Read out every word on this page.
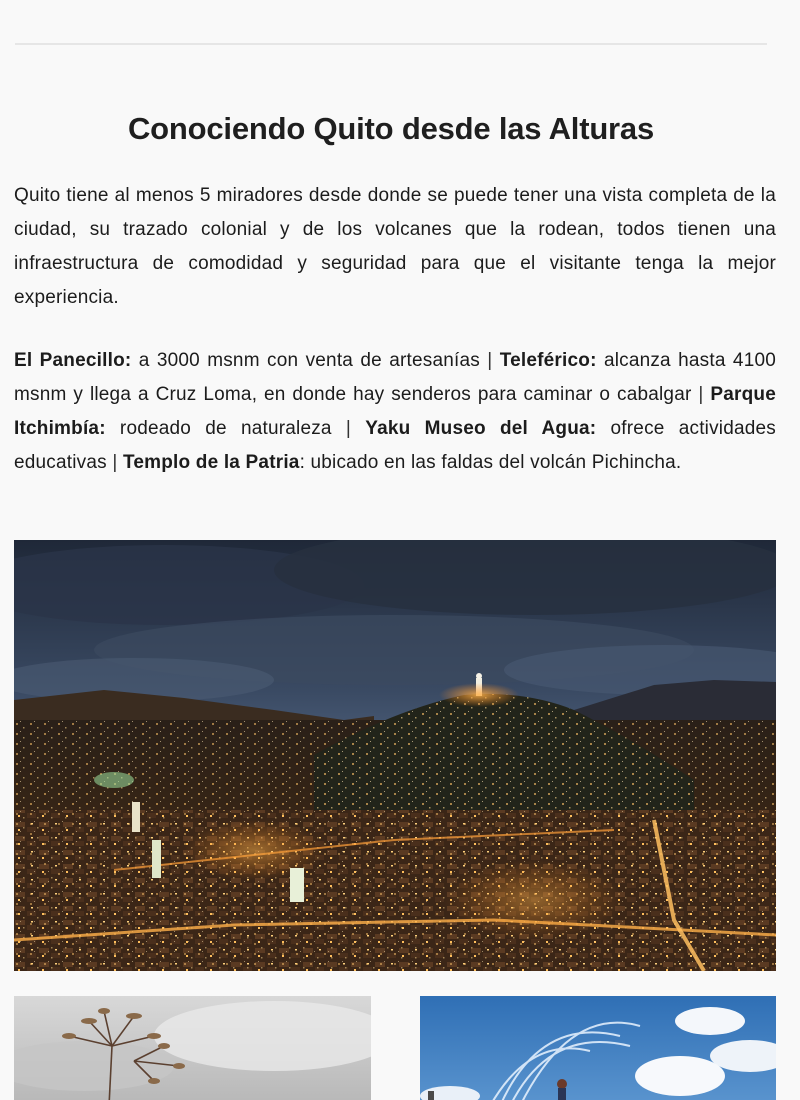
Conociendo Quito desde las Alturas

Quito tiene al menos 5 miradores desde donde se puede tener una vista completa de la ciudad, su trazado colonial y de los volcanes que la rodean, todos tienen una infraestructura de comodidad y seguridad para que el visitante tenga la mejor experiencia.

El Panecillo: a 3000 msnm con venta de artesanías | Teleférico: alcanza hasta 4100 msnm y llega a Cruz Loma, en donde hay senderos para caminar o cabalgar | Parque Itchimbía: rodeado de naturaleza | Yaku Museo del Agua: ofrece actividades educativas | Templo de la Patria: ubicado en las faldas del volcán Pichincha.
